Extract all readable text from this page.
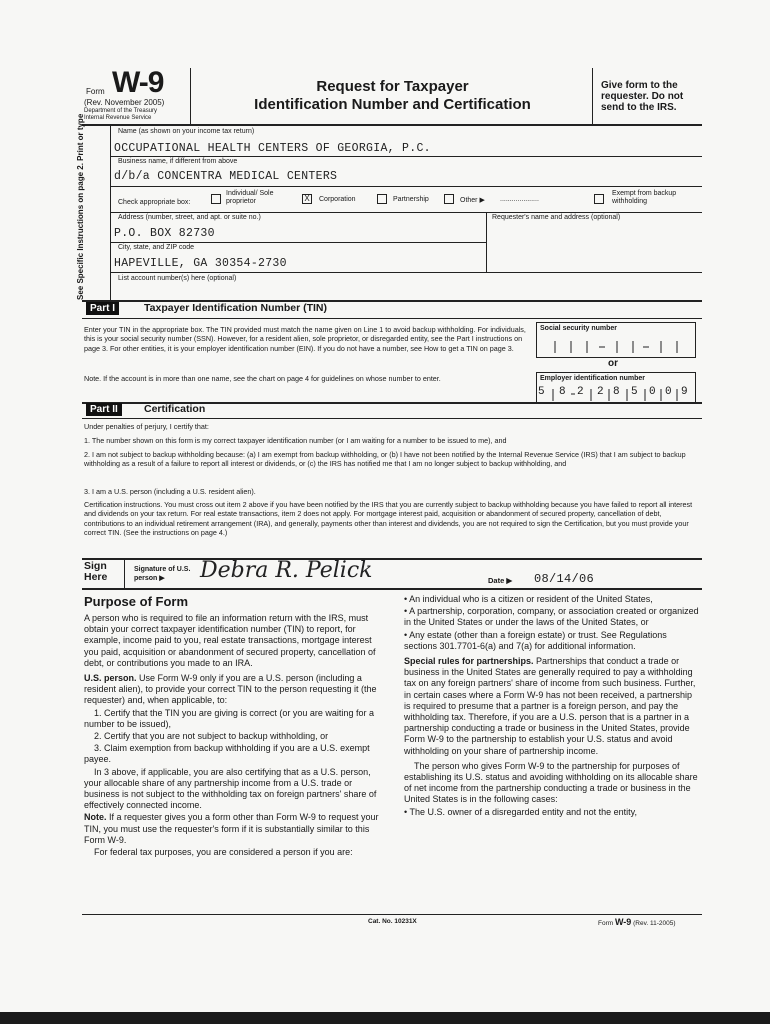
Form W-9
(Rev. November 2005)
Department of the Treasury
Internal Revenue Service
Request for Taxpayer
Identification Number and Certification
Give form to the requester. Do not send to the IRS.
See Specific Instructions on page 2. Print or type	Name (as shown on your income tax return)
OCCUPATIONAL HEALTH CENTERS OF GEORGIA, P.C.
Business name, if different from above
d/b/a CONCENTRA MEDICAL CENTERS
Check appropriate box:
Individual/ Sole proprietor	X	Corporation	Partnership	Other ▶ ....................
Exempt from backup withholding
Address (number, street, and apt. or suite no.)	Requester's name and address (optional)
P.O. BOX 82730
City, state, and ZIP code
HAPEVILLE, GA 30354-2730
List account number(s) here (optional)
Part I	Taxpayer Identification Number (TIN)
Enter your TIN in the appropriate box. The TIN provided must match the name given on Line 1 to avoid backup withholding. For individuals, this is your social security number (SSN). However, for a resident alien, sole proprietor, or disregarded entity, see the Part I instructions on page 3. For other entities, it is your employer identification number (EIN). If you do not have a number, see How to get a TIN on page 3.
Note. If the account is in more than one name, see the chart on page 4 for guidelines on whose number to enter.
Social security number
or
Employer identification number
5 8 2 2 8 5 0 0 9
Part II	Certification
Under penalties of perjury, I certify that:
1. The number shown on this form is my correct taxpayer identification number (or I am waiting for a number to be issued to me), and
2. I am not subject to backup withholding because: (a) I am exempt from backup withholding, or (b) I have not been notified by the Internal Revenue Service (IRS) that I am subject to backup withholding as a result of a failure to report all interest or dividends, or (c) the IRS has notified me that I am no longer subject to backup withholding, and
3. I am a U.S. person (including a U.S. resident alien).
Certification instructions. You must cross out item 2 above if you have been notified by the IRS that you are currently subject to backup withholding because you have failed to report all interest and dividends on your tax return. For real estate transactions, item 2 does not apply. For mortgage interest paid, acquisition or abandonment of secured property, cancellation of debt, contributions to an individual retirement arrangement (IRA), and generally, payments other than interest and dividends, you are not required to sign the Certification, but you must provide your correct TIN. (See the instructions on page 4.)
Sign Here
Signature of U.S. person ▶	Debra R. Pelick	Date ▶ 08/14/06
Purpose of Form

A person who is required to file an information return with the IRS, must obtain your correct taxpayer identification number (TIN) to report, for example, income paid to you, real estate transactions, mortgage interest you paid, acquisition or abandonment of secured property, cancellation of debt, or contributions you made to an IRA.

U.S. person. Use Form W-9 only if you are a U.S. person (including a resident alien), to provide your correct TIN to the person requesting it (the requester) and, when applicable, to:

1. Certify that the TIN you are giving is correct (or you are waiting for a number to be issued),

2. Certify that you are not subject to backup withholding, or

3. Claim exemption from backup withholding if you are a U.S. exempt payee.

In 3 above, if applicable, you are also certifying that as a U.S. person, your allocable share of any partnership income from a U.S. trade or business is not subject to the withholding tax on foreign partners' share of effectively connected income.

Note. If a requester gives you a form other than Form W-9 to request your TIN, you must use the requester's form if it is substantially similar to this Form W-9.

For federal tax purposes, you are considered a person if you are:

• An individual who is a citizen or resident of the United States,

• A partnership, corporation, company, or association created or organized in the United States or under the laws of the United States, or

• Any estate (other than a foreign estate) or trust. See Regulations sections 301.7701-6(a) and 7(a) for additional information.

Special rules for partnerships. Partnerships that conduct a trade or business in the United States are generally required to pay a withholding tax on any foreign partners' share of income from such business. Further, in certain cases where a Form W-9 has not been received, a partnership is required to presume that a partner is a foreign person, and pay the withholding tax. Therefore, if you are a U.S. person that is a partner in a partnership conducting a trade or business in the United States, provide Form W-9 to the partnership to establish your U.S. status and avoid withholding on your share of partnership income.

The person who gives Form W-9 to the partnership for purposes of establishing its U.S. status and avoiding withholding on its allocable share of net income from the partnership conducting a trade or business in the United States is in the following cases:

• The U.S. owner of a disregarded entity and not the entity,

Cat. No. 10231X	Form W-9 (Rev. 11-2005)
